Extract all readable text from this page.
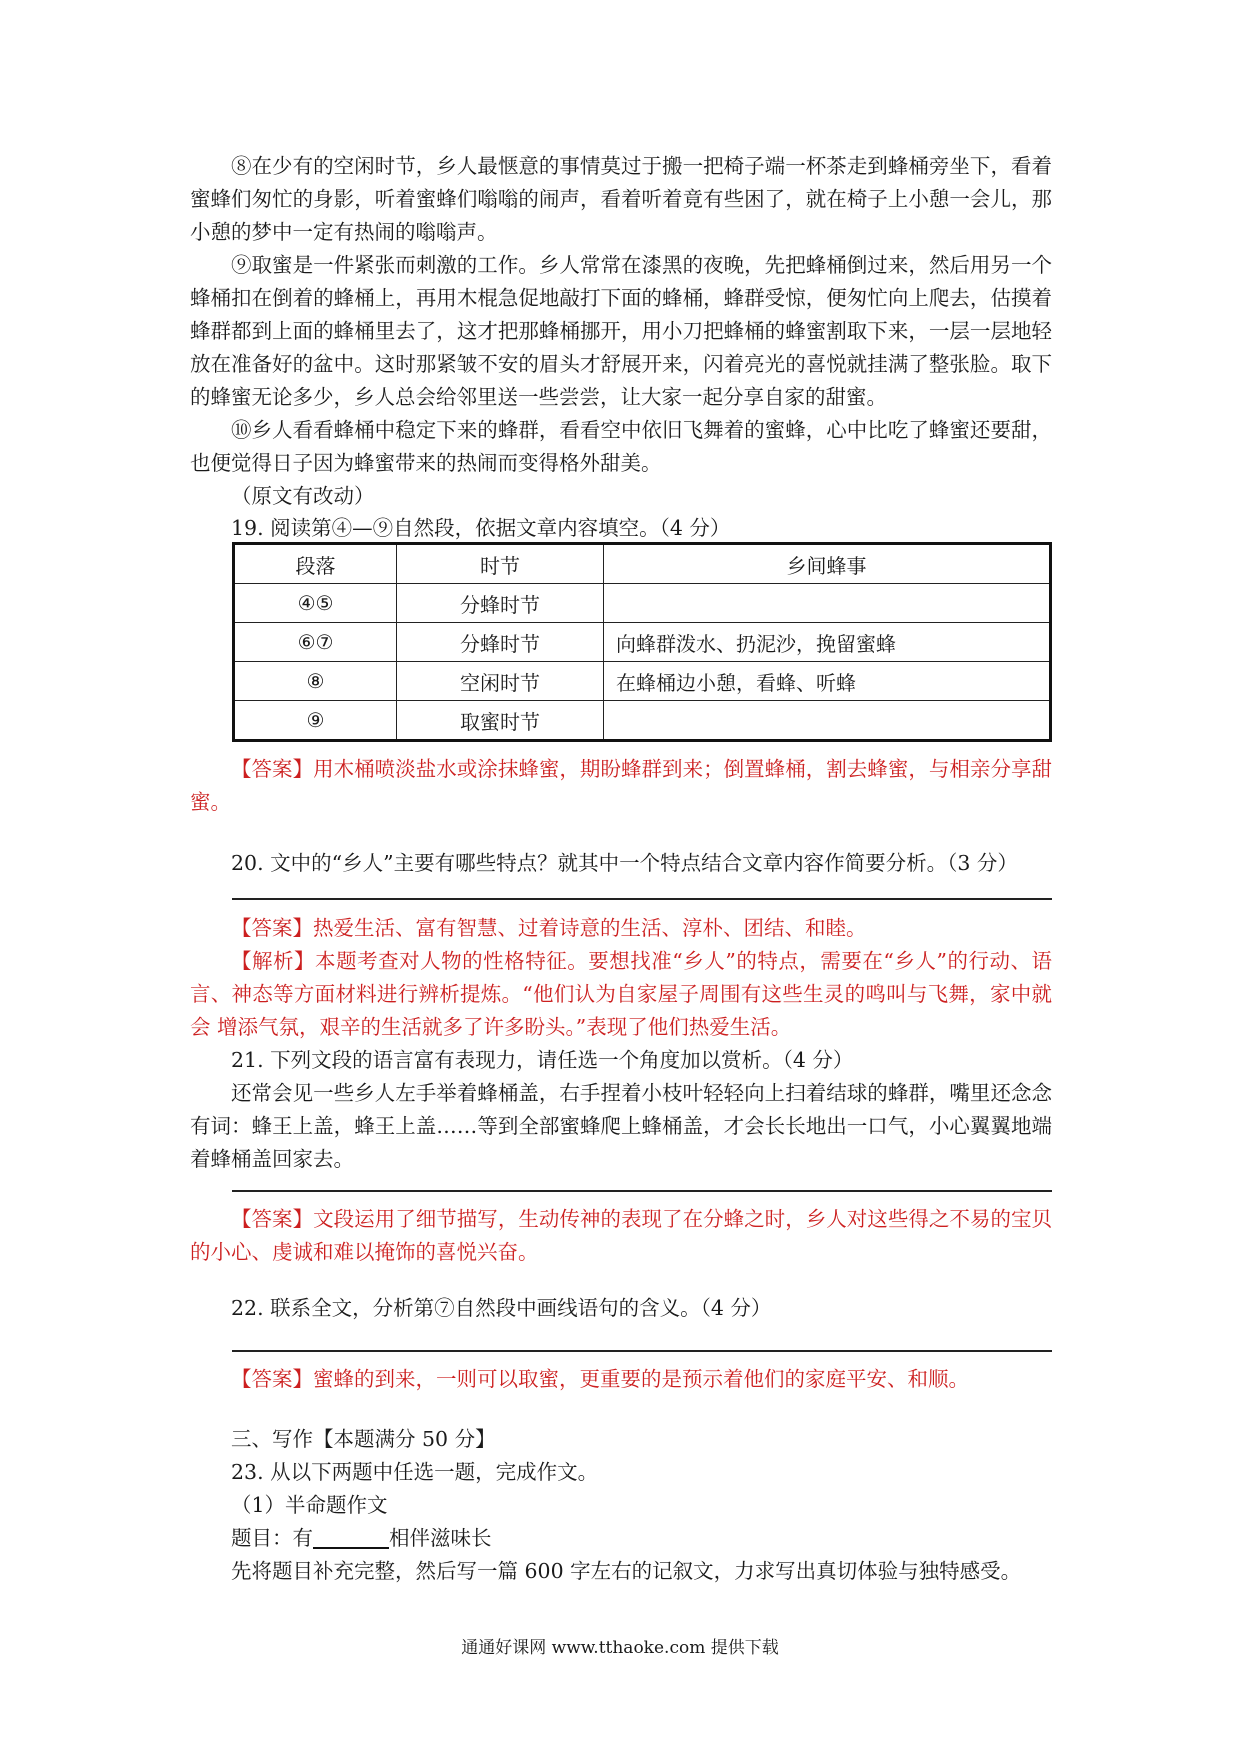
⑧在少有的空闲时节，乡人最惬意的事情莫过于搬一把椅子端一杯茶走到蜂桶旁坐下，看着蜜蜂们匆忙的身影，听着蜜蜂们嗡嗡的闹声，看着听着竟有些困了，就在椅子上小憩一会儿，那小憩的梦中一定有热闹的嗡嗡声。

⑨取蜜是一件紧张而刺激的工作。乡人常常在漆黑的夜晚，先把蜂桶倒过来，然后用另一个蜂桶扣在倒着的蜂桶上，再用木棍急促地敲打下面的蜂桶，蜂群受惊，便匆忙向上爬去，估摸着蜂群都到上面的蜂桶里去了，这才把那蜂桶挪开，用小刀把蜂桶的蜂蜜割取下来，一层一层地轻放在准备好的盆中。这时那紧皱不安的眉头才舒展开来，闪着亮光的喜悦就挂满了整张脸。取下的蜂蜜无论多少，乡人总会给邻里送一些尝尝，让大家一起分享自家的甜蜜。

⑩乡人看看蜂桶中稳定下来的蜂群，看看空中依旧飞舞着的蜜蜂，心中比吃了蜂蜜还要甜，也便觉得日子因为蜂蜜带来的热闹而变得格外甜美。

（原文有改动）

19. 阅读第④—⑨自然段，依据文章内容填空。（4 分）

段落	时节	乡间蜂事
④⑤	分蜂时节	
⑥⑦	分蜂时节	向蜂群泼水、扔泥沙，挽留蜜蜂
⑧	空闲时节	在蜂桶边小憩，看蜂、听蜂
⑨	取蜜时节	

【答案】用木桶喷淡盐水或涂抹蜂蜜，期盼蜂群到来；倒置蜂桶，割去蜂蜜，与相亲分享甜蜜。

20. 文中的“乡人”主要有哪些特点？就其中一个特点结合文章内容作简要分析。（3 分）

【答案】热爱生活、富有智慧、过着诗意的生活、淳朴、团结、和睦。

【解析】本题考查对人物的性格特征。要想找准“乡人”的特点，需要在“乡人”的行动、语言、神态等方面材料进行辨析提炼。“他们认为自家屋子周围有这些生灵的鸣叫与飞舞，家中就会 增添气氛，艰辛的生活就多了许多盼头。”表现了他们热爱生活。

21. 下列文段的语言富有表现力，请任选一个角度加以赏析。（4 分）

还常会见一些乡人左手举着蜂桶盖，右手捏着小枝叶轻轻向上扫着结球的蜂群，嘴里还念念有词：蜂王上盖，蜂王上盖……等到全部蜜蜂爬上蜂桶盖，才会长长地出一口气，小心翼翼地端着蜂桶盖回家去。

【答案】文段运用了细节描写，生动传神的表现了在分蜂之时，乡人对这些得之不易的宝贝的小心、虔诚和难以掩饰的喜悦兴奋。

22. 联系全文，分析第⑦自然段中画线语句的含义。（4 分）

【答案】蜜蜂的到来，一则可以取蜜，更重要的是预示着他们的家庭平安、和顺。

三、写作【本题满分 50 分】

23. 从以下两题中任选一题，完成作文。

（1）半命题作文

题目：有	相伴滋味长

先将题目补充完整，然后写一篇 600 字左右的记叙文，力求写出真切体验与独特感受。

通通好课网 www.tthaoke.com 提供下载
